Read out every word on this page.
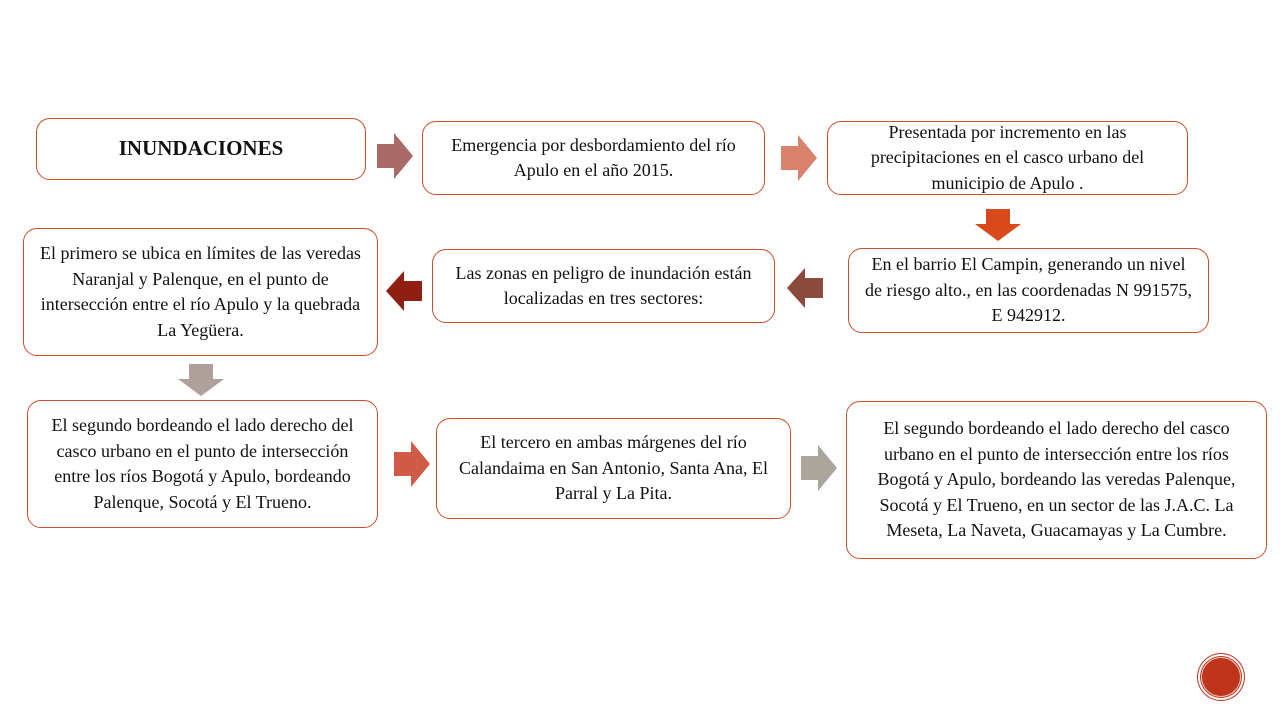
INUNDACIONES	Emergencia por desbordamiento del río Apulo en el año 2015.
Presentada por incremento en las precipitaciones en el casco urbano del municipio de Apulo .
En el barrio El Campin, generando un nivel de riesgo alto., en las coordenadas N 991575, E 942912.
Las zonas en peligro de inundación están localizadas en tres sectores:
El primero se ubica en límites de las veredas Naranjal y Palenque, en el punto de intersección entre el río Apulo y la quebrada La Yegüera.
El segundo bordeando el lado derecho del casco urbano en el punto de intersección entre los ríos Bogotá y Apulo, bordeando Palenque, Socotá y El Trueno.
El tercero en ambas márgenes del río Calandaima en San Antonio, Santa Ana, El Parral y La Pita.
El segundo bordeando el lado derecho del casco urbano en el punto de intersección entre los ríos Bogotá y Apulo, bordeando las veredas Palenque, Socotá y El Trueno, en un sector de las J.A.C. La Meseta, La Naveta, Guacamayas y La Cumbre.
